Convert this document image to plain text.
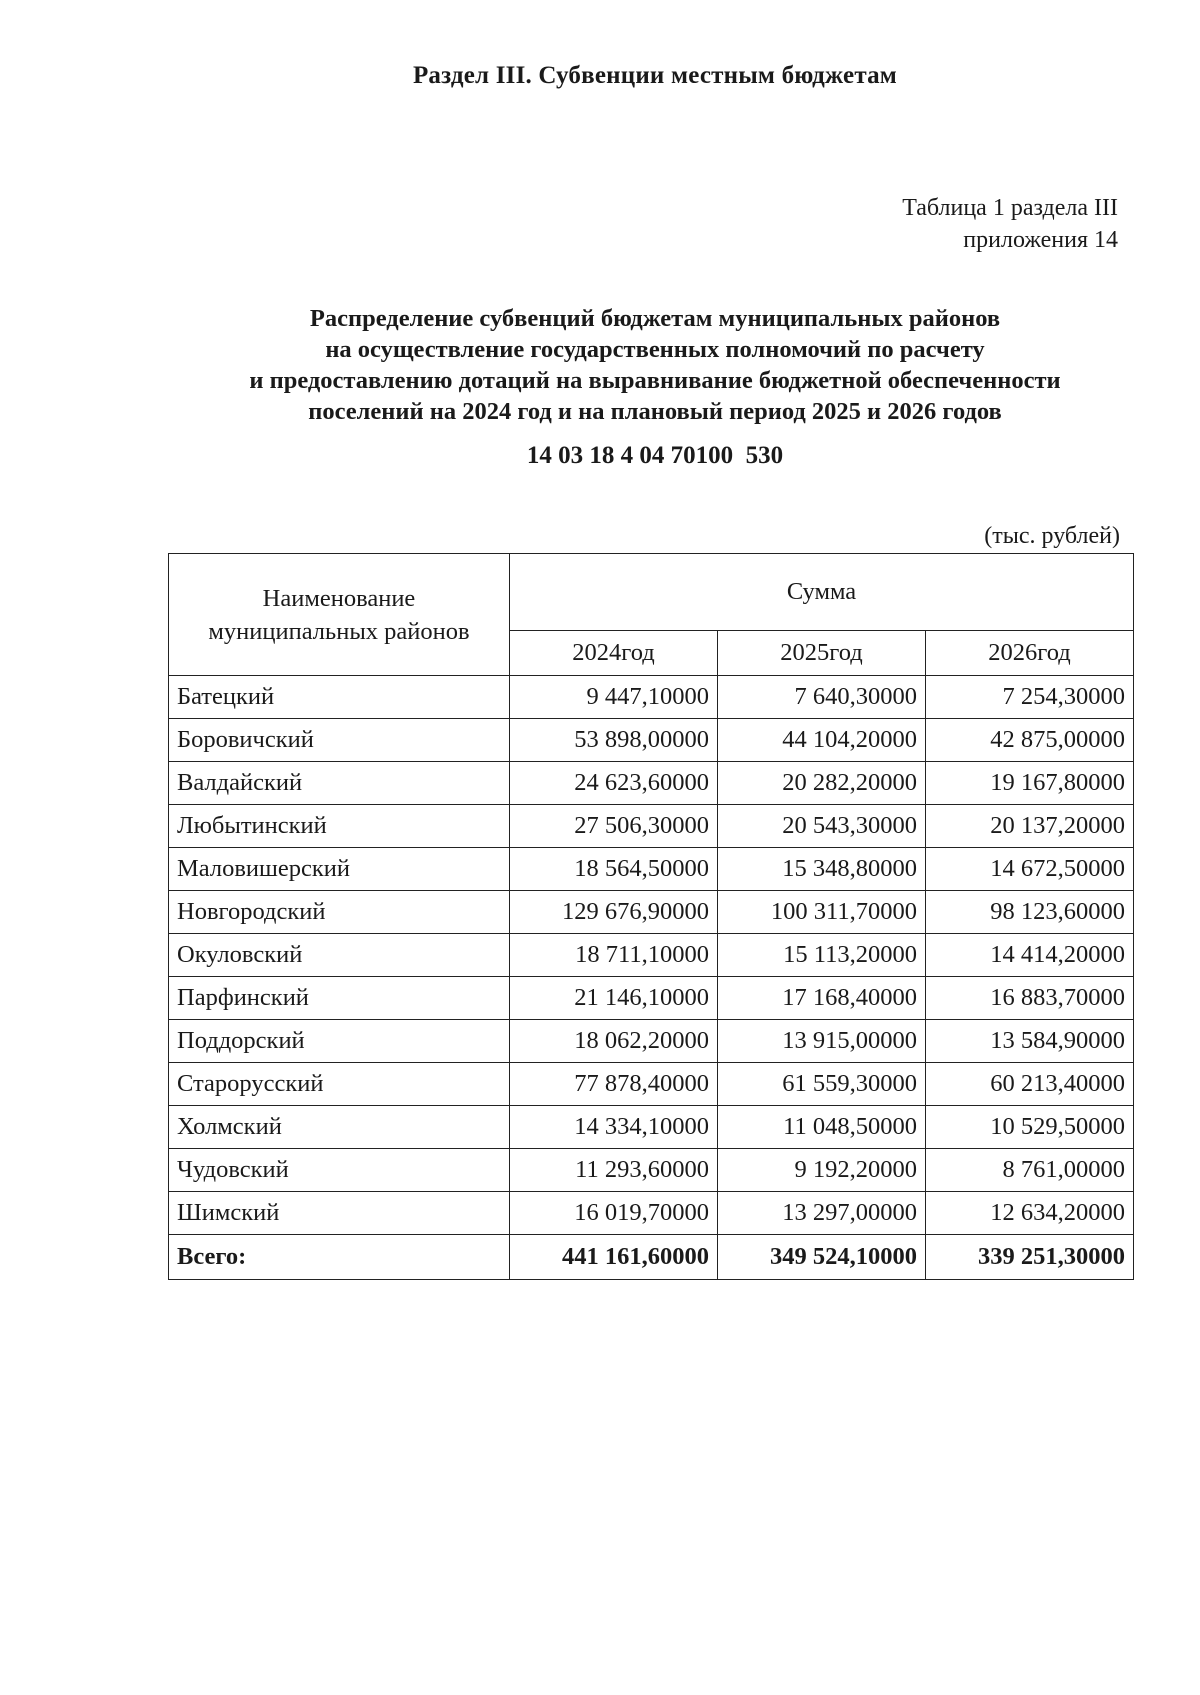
Раздел III. Субвенции местным бюджетам
Таблица 1 раздела III
приложения 14
Распределение субвенций бюджетам муниципальных районов
на осуществление государственных полномочий по расчету
и предоставлению дотаций на выравнивание бюджетной обеспеченности
поселений на 2024 год и на плановый период 2025 и 2026 годов
14 03 18 4 04 70100  530
(тыс. рублей)
Наименование
муниципальных районов	Сумма		
	2024год	2025год	2026год
Батецкий	9 447,10000	7 640,30000	7 254,30000
Боровичский	53 898,00000	44 104,20000	42 875,00000
Валдайский	24 623,60000	20 282,20000	19 167,80000
Любытинский	27 506,30000	20 543,30000	20 137,20000
Маловишерский	18 564,50000	15 348,80000	14 672,50000
Новгородский	129 676,90000	100 311,70000	98 123,60000
Окуловский	18 711,10000	15 113,20000	14 414,20000
Парфинский	21 146,10000	17 168,40000	16 883,70000
Поддорский	18 062,20000	13 915,00000	13 584,90000
Старорусский	77 878,40000	61 559,30000	60 213,40000
Холмский	14 334,10000	11 048,50000	10 529,50000
Чудовский	11 293,60000	9 192,20000	8 761,00000
Шимский	16 019,70000	13 297,00000	12 634,20000
Всего:	441 161,60000	349 524,10000	339 251,30000
